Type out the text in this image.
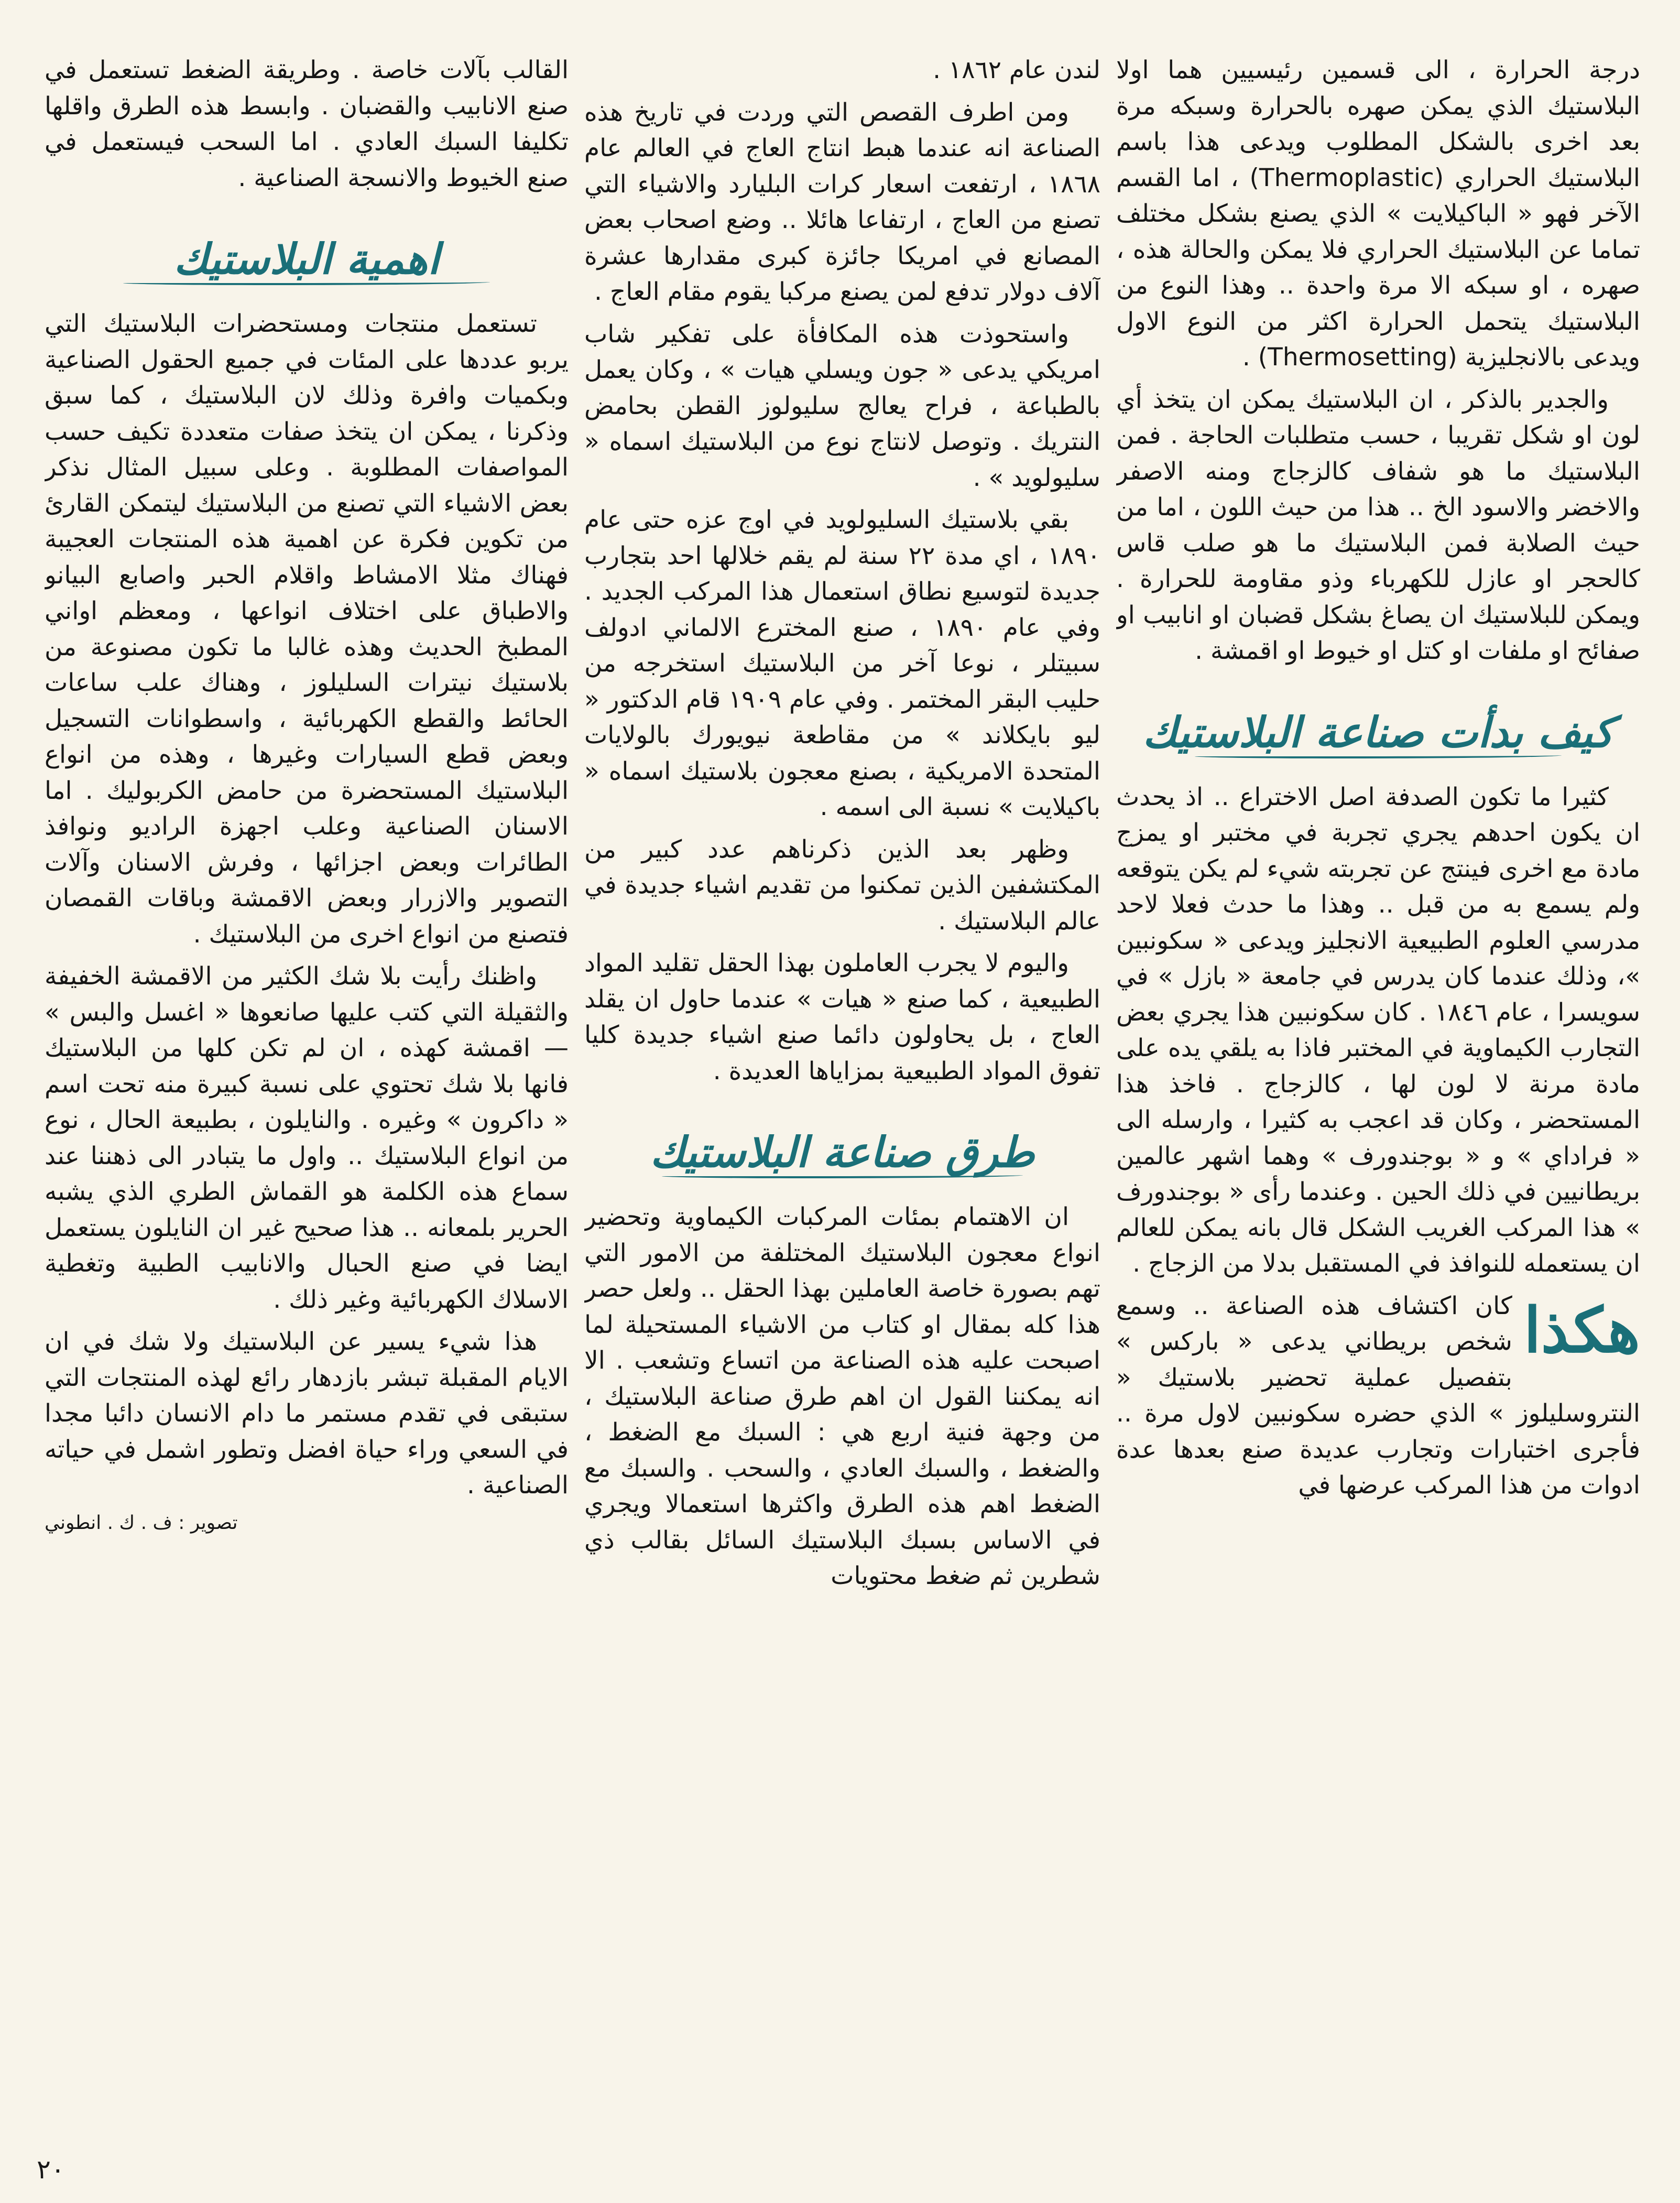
درجة الحرارة ، الى قسمين رئيسيين هما اولا البلاستيك الذي يمكن صهره بالحرارة وسبكه مرة بعد اخرى بالشكل المطلوب ويدعى هذا باسم البلاستيك الحراري (Thermoplastic) ، اما القسم الآخر فهو « الباكيلايت » الذي يصنع بشكل مختلف تماما عن البلاستيك الحراري فلا يمكن والحالة هذه ، صهره ، او سبكه الا مرة واحدة .. وهذا النوع من البلاستيك يتحمل الحرارة اكثر من النوع الاول ويدعى بالانجليزية (Thermosetting) .

والجدير بالذكر ، ان البلاستيك يمكن ان يتخذ أي لون او شكل تقريبا ، حسب متطلبات الحاجة . فمن البلاستيك ما هو شفاف كالزجاج ومنه الاصفر والاخضر والاسود الخ .. هذا من حيث اللون ، اما من حيث الصلابة فمن البلاستيك ما هو صلب قاس كالحجر او عازل للكهرباء وذو مقاومة للحرارة . ويمكن للبلاستيك ان يصاغ بشكل قضبان او انابيب او صفائح او ملفات او كتل او خيوط او اقمشة .

كيف بدأت صناعة البلاستيك

كثيرا ما تكون الصدفة اصل الاختراع .. اذ يحدث ان يكون احدهم يجري تجربة في مختبر او يمزج مادة مع اخرى فينتج عن تجربته شيء لم يكن يتوقعه ولم يسمع به من قبل .. وهذا ما حدث فعلا لاحد مدرسي العلوم الطبيعية الانجليز ويدعى « سكونبين »، وذلك عندما كان يدرس في جامعة « بازل » في سويسرا ، عام ١٨٤٦ . كان سكونبين هذا يجري بعض التجارب الكيماوية في المختبر فاذا به يلقي يده على مادة مرنة لا لون لها ، كالزجاج . فاخذ هذا المستحضر ، وكان قد اعجب به كثيرا ، وارسله الى « فراداي » و « بوجندورف » وهما اشهر عالمين بريطانيين في ذلك الحين . وعندما رأى « بوجندورف » هذا المركب الغريب الشكل قال بانه يمكن للعالم ان يستعمله للنوافذ في المستقبل بدلا من الزجاج .

هكذا
كان اكتشاف هذه الصناعة .. وسمع شخص بريطاني يدعى « باركس » بتفصيل عملية تحضير بلاستيك « النتروسليلوز » الذي حضره سكونبين لاول مرة .. فأجرى اختبارات وتجارب عديدة صنع بعدها عدة ادوات من هذا المركب عرضها في

لندن عام ١٨٦٢ .

ومن اطرف القصص التي وردت في تاريخ هذه الصناعة انه عندما هبط انتاج العاج في العالم عام ١٨٦٨ ، ارتفعت اسعار كرات البليارد والاشياء التي تصنع من العاج ، ارتفاعا هائلا .. وضع اصحاب بعض المصانع في امريكا جائزة كبرى مقدارها عشرة آلاف دولار تدفع لمن يصنع مركبا يقوم مقام العاج .

واستحوذت هذه المكافأة على تفكير شاب امريكي يدعى « جون ويسلي هيات » ، وكان يعمل بالطباعة ، فراح يعالج سليولوز القطن بحامض النتريك . وتوصل لانتاج نوع من البلاستيك اسماه « سليولويد » .

بقي بلاستيك السليولويد في اوج عزه حتى عام ١٨٩٠ ، اي مدة ٢٢ سنة لم يقم خلالها احد بتجارب جديدة لتوسيع نطاق استعمال هذا المركب الجديد . وفي عام ١٨٩٠ ، صنع المخترع الالماني ادولف سبيتلر ، نوعا آخر من البلاستيك استخرجه من حليب البقر المختمر . وفي عام ١٩٠٩ قام الدكتور « ليو بايكلاند » من مقاطعة نيويورك بالولايات المتحدة الامريكية ، بصنع معجون بلاستيك اسماه « باكيلايت » نسبة الى اسمه .

وظهر بعد الذين ذكرناهم عدد كبير من المكتشفين الذين تمكنوا من تقديم اشياء جديدة في عالم البلاستيك .

واليوم لا يجرب العاملون بهذا الحقل تقليد المواد الطبيعية ، كما صنع « هيات » عندما حاول ان يقلد العاج ، بل يحاولون دائما صنع اشياء جديدة كليا تفوق المواد الطبيعية بمزاياها العديدة .

طرق صناعة البلاستيك

ان الاهتمام بمئات المركبات الكيماوية وتحضير انواع معجون البلاستيك المختلفة من الامور التي تهم بصورة خاصة العاملين بهذا الحقل .. ولعل حصر هذا كله بمقال او كتاب من الاشياء المستحيلة لما اصبحت عليه هذه الصناعة من اتساع وتشعب . الا انه يمكننا القول ان اهم طرق صناعة البلاستيك ، من وجهة فنية اربع هي : السبك مع الضغط ، والضغط ، والسبك العادي ، والسحب . والسبك مع الضغط اهم هذه الطرق واكثرها استعمالا ويجري في الاساس بسبك البلاستيك السائل بقالب ذي شطرين ثم ضغط محتويات

القالب بآلات خاصة . وطريقة الضغط تستعمل في صنع الانابيب والقضبان . وابسط هذه الطرق واقلها تكليفا السبك العادي . اما السحب فيستعمل في صنع الخيوط والانسجة الصناعية .

اهمية البلاستيك

تستعمل منتجات ومستحضرات البلاستيك التي يربو عددها على المئات في جميع الحقول الصناعية وبكميات وافرة وذلك لان البلاستيك ، كما سبق وذكرنا ، يمكن ان يتخذ صفات متعددة تكيف حسب المواصفات المطلوبة . وعلى سبيل المثال نذكر بعض الاشياء التي تصنع من البلاستيك ليتمكن القارئ من تكوين فكرة عن اهمية هذه المنتجات العجيبة فهناك مثلا الامشاط واقلام الحبر واصابع البيانو والاطباق على اختلاف انواعها ، ومعظم اواني المطبخ الحديث وهذه غالبا ما تكون مصنوعة من بلاستيك نيترات السليلوز ، وهناك علب ساعات الحائط والقطع الكهربائية ، واسطوانات التسجيل وبعض قطع السيارات وغيرها ، وهذه من انواع البلاستيك المستحضرة من حامض الكربوليك . اما الاسنان الصناعية وعلب اجهزة الراديو ونوافذ الطائرات وبعض اجزائها ، وفرش الاسنان وآلات التصوير والازرار وبعض الاقمشة وباقات القمصان فتصنع من انواع اخرى من البلاستيك .

واظنك رأيت بلا شك الكثير من الاقمشة الخفيفة والثقيلة التي كتب عليها صانعوها « اغسل والبس » — اقمشة كهذه ، ان لم تكن كلها من البلاستيك فانها بلا شك تحتوي على نسبة كبيرة منه تحت اسم « داكرون » وغيره . والنايلون ، بطبيعة الحال ، نوع من انواع البلاستيك .. واول ما يتبادر الى ذهننا عند سماع هذه الكلمة هو القماش الطري الذي يشبه الحرير بلمعانه .. هذا صحيح غير ان النايلون يستعمل ايضا في صنع الحبال والانابيب الطبية وتغطية الاسلاك الكهربائية وغير ذلك .

هذا شيء يسير عن البلاستيك ولا شك في ان الايام المقبلة تبشر بازدهار رائع لهذه المنتجات التي ستبقى في تقدم مستمر ما دام الانسان دائبا مجدا في السعي وراء حياة افضل وتطور اشمل في حياته الصناعية .

تصوير : ف . ك . انطوني
٢٠
